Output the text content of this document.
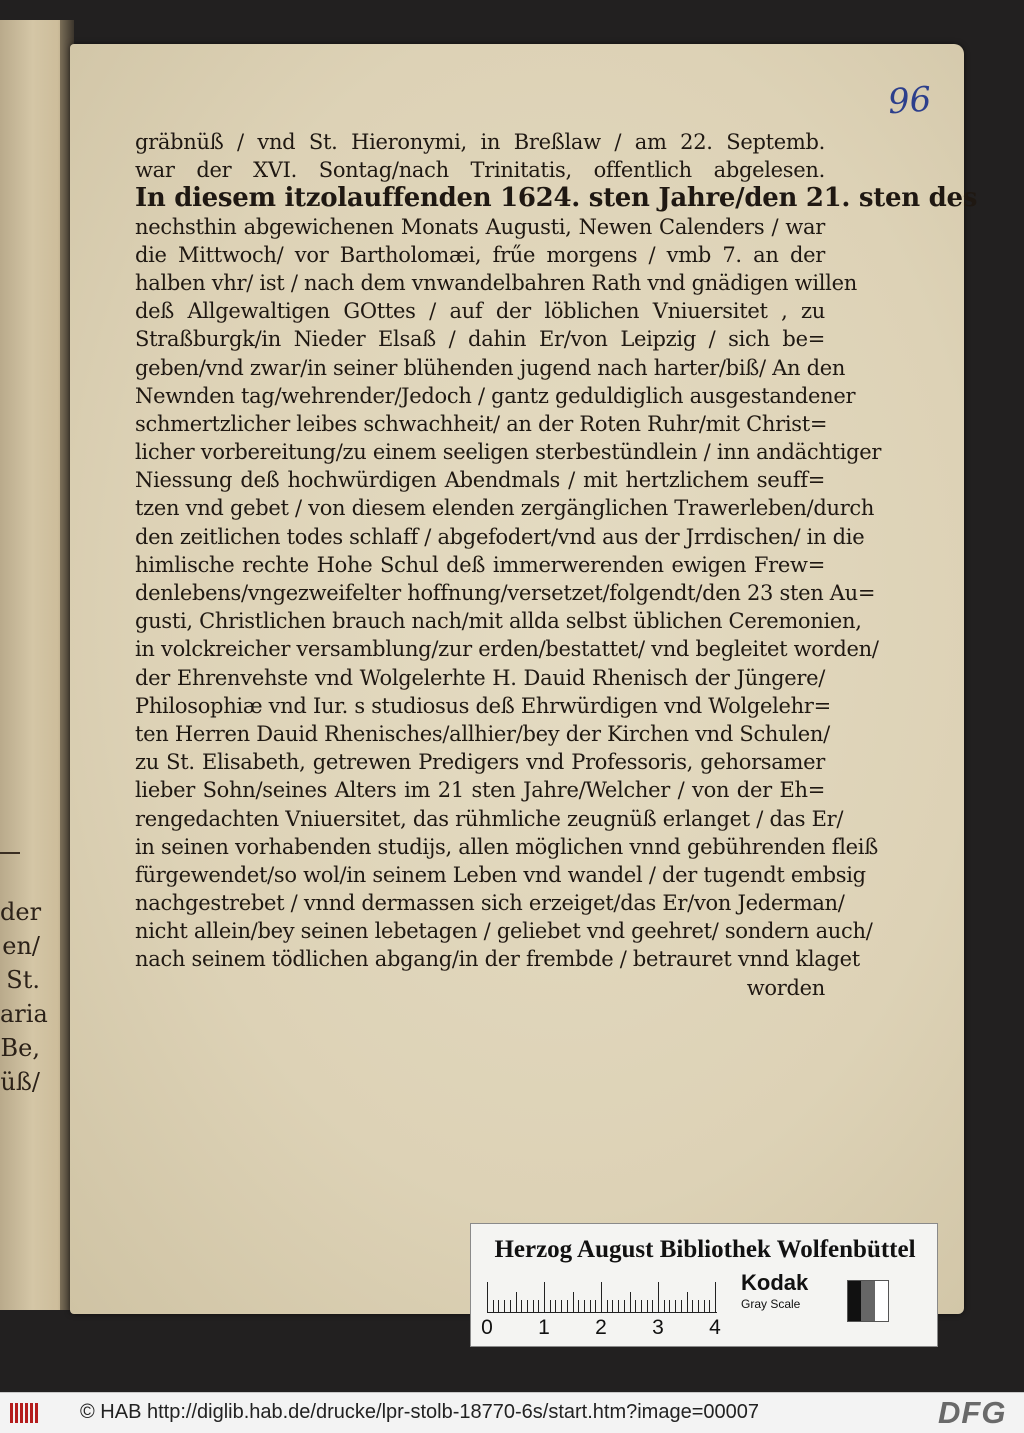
der
en/
St.
aria
Be,
üß/
96
gräbnüß / vnd St. Hieronymi, in Breßlaw / am 22. Septemb.
war der XVI. Sontag/nach Trinitatis, offentlich abgelesen.
In diesem itzolauffenden 1624. sten Jahre/den 21. sten des
nechsthin abgewichenen Monats Augusti, Newen Calenders / war
die Mittwoch/ vor Bartholomæi, frűe morgens / vmb 7. an der
halben vhr/ ist / nach dem vnwandelbahren Rath vnd gnädigen willen
deß Allgewaltigen GOttes / auf der löblichen Vniuersitet , zu
Straßburgk/in Nieder Elsaß / dahin Er/von Leipzig / sich be=
geben/vnd zwar/in seiner blühenden jugend nach harter/biß/ An den
Newnden tag/wehrender/Jedoch / gantz geduldiglich ausgestandener
schmertzlicher leibes schwachheit/ an der Roten Ruhr/mit Christ=
licher vorbereitung/zu einem seeligen sterbestündlein / inn andächtiger
Niessung deß hochwürdigen Abendmals / mit hertzlichem seuff=
tzen vnd gebet / von diesem elenden zergänglichen Trawerleben/durch
den zeitlichen todes schlaff / abgefodert/vnd aus der Jrrdischen/ in die
himlische rechte Hohe Schul deß immerwerenden ewigen Frew=
denlebens/vngezweifelter hoffnung/versetzet/folgendt/den 23 sten Au=
gusti, Christlichen brauch nach/mit allda selbst üblichen Ceremonien,
in volckreicher versamblung/zur erden/bestattet/ vnd begleitet worden/
der Ehrenvehste vnd Wolgelerhte H. Dauid Rhenisch der Jüngere/
Philosophiæ vnd Iur. s studiosus deß Ehrwürdigen vnd Wolgelehr=
ten Herren Dauid Rhenisches/allhier/bey der Kirchen vnd Schulen/
zu St. Elisabeth, getrewen Predigers vnd Professoris, gehorsamer
lieber Sohn/seines Alters im 21 sten Jahre/Welcher / von der Eh=
rengedachten Vniuersitet, das rühmliche zeugnüß erlanget / das Er/
in seinen vorhabenden studijs, allen möglichen vnnd gebührenden fleiß
fürgewendet/so wol/in seinem Leben vnd wandel / der tugendt embsig
nachgestrebet / vnnd dermassen sich erzeiget/das Er/von Jederman/
nicht allein/bey seinen lebetagen / geliebet vnd geehret/ sondern auch/
nach seinem tödlichen abgang/in der frembde / betrauret vnnd klaget
worden
Herzog August Bibliothek Wolfenbüttel
0 1 2 3 4
Kodak
Gray Scale
© HAB http://diglib.hab.de/drucke/lpr-stolb-18770-6s/start.htm?image=00007	DFG
